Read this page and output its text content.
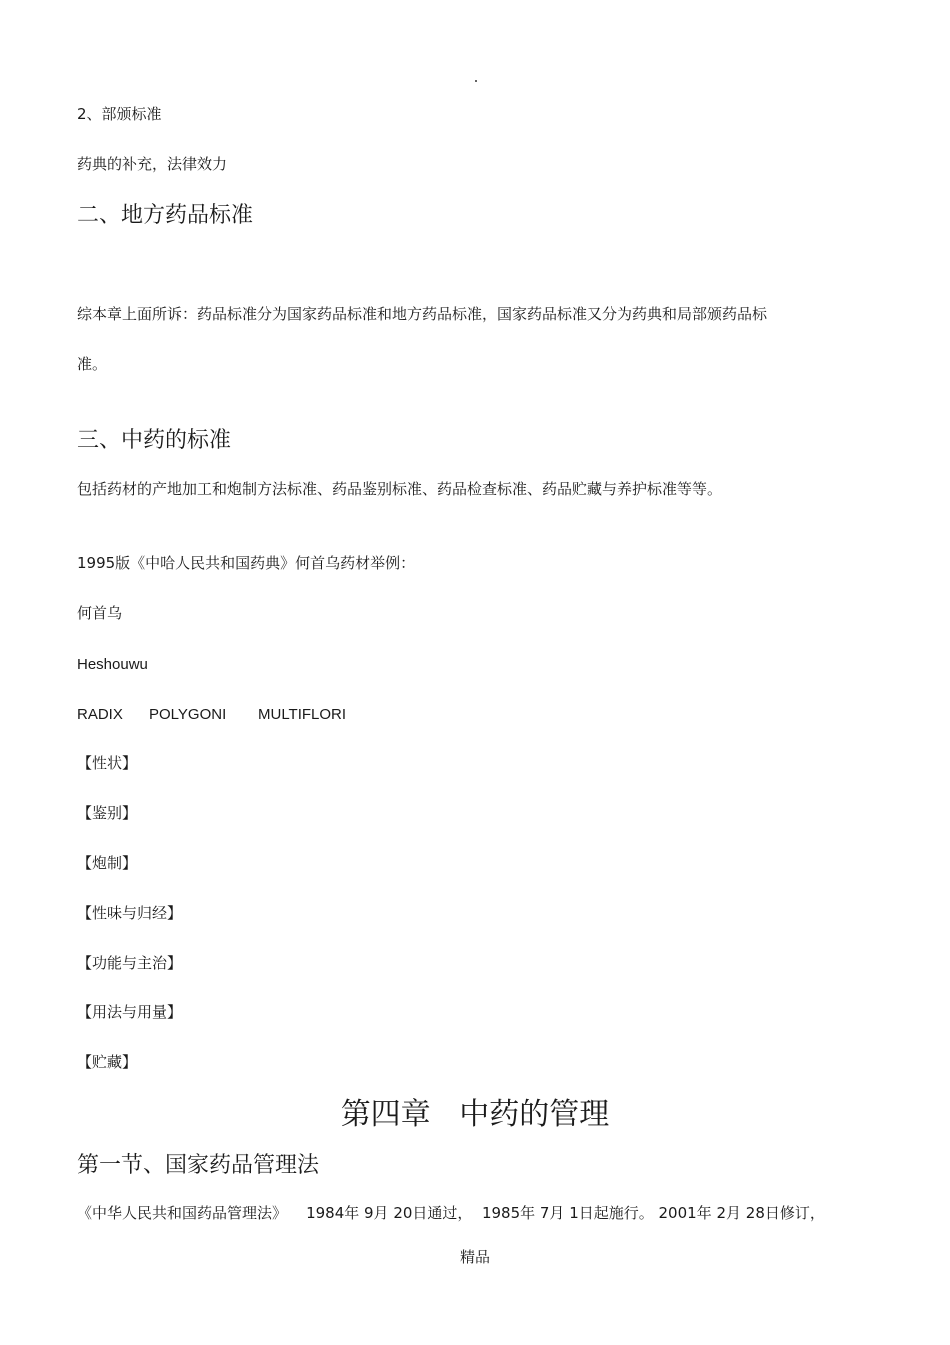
2、部颁标准
药典的补充，法律效力
二、地方药品标准
综本章上面所诉：药品标准分为国家药品标准和地方药品标准，国家药品标准又分为药典和局部颁药品标
准。
三、中药的标准
包括药材的产地加工和炮制方法标准、药品鉴别标准、药品检查标准、药品贮藏与养护标准等等。
1995版《中哈人民共和国药典》何首乌药材举例：
何首乌
Heshouwu
RADIX POLYGONI MULTIFLORI
【性状】
【鉴别】
【炮制】
【性味与归经】
【功能与主治】
【用法与用量】
【贮藏】
第四章   中药的管理
第一节、国家药品管理法
《中华人民共和国药品管理法》    1984年 9月 20日通过，  1985年 7月 1日起施行。 2001年 2月 28日修订，
精品
